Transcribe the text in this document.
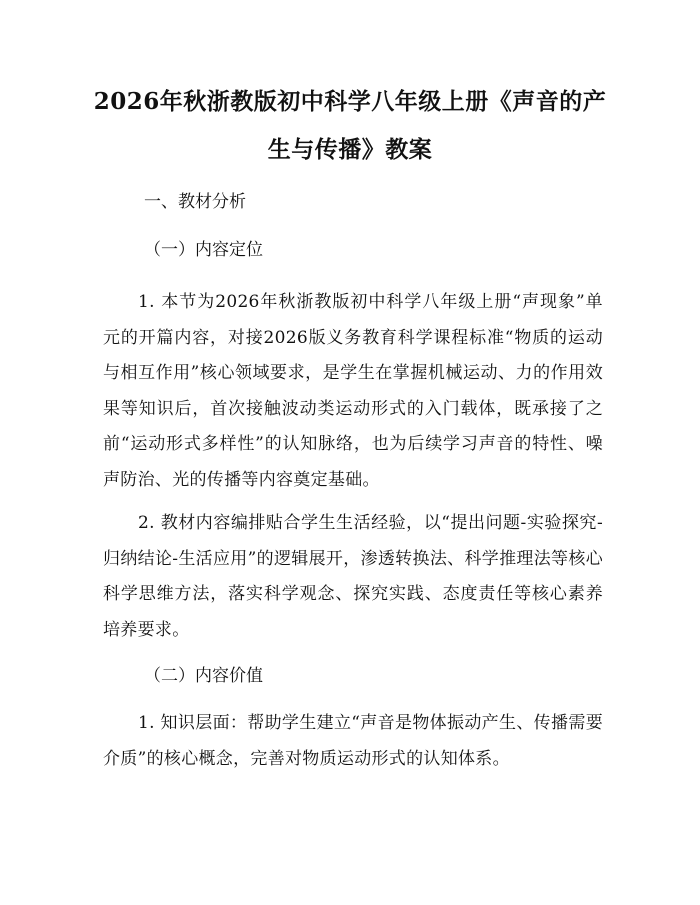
2026年秋浙教版初中科学八年级上册《声音的产生与传播》教案

一、教材分析

（一）内容定位

1. 本节为2026年秋浙教版初中科学八年级上册“声现象”单元的开篇内容，对接2026版义务教育科学课程标准“物质的运动与相互作用”核心领域要求，是学生在掌握机械运动、力的作用效果等知识后，首次接触波动类运动形式的入门载体，既承接了之前“运动形式多样性”的认知脉络，也为后续学习声音的特性、噪声防治、光的传播等内容奠定基础。

2. 教材内容编排贴合学生生活经验，以“提出问题-实验探究-归纳结论-生活应用”的逻辑展开，渗透转换法、科学推理法等核心科学思维方法，落实科学观念、探究实践、态度责任等核心素养培养要求。

（二）内容价值

1. 知识层面：帮助学生建立“声音是物体振动产生、传播需要介质”的核心概念，完善对物质运动形式的认知体系。
